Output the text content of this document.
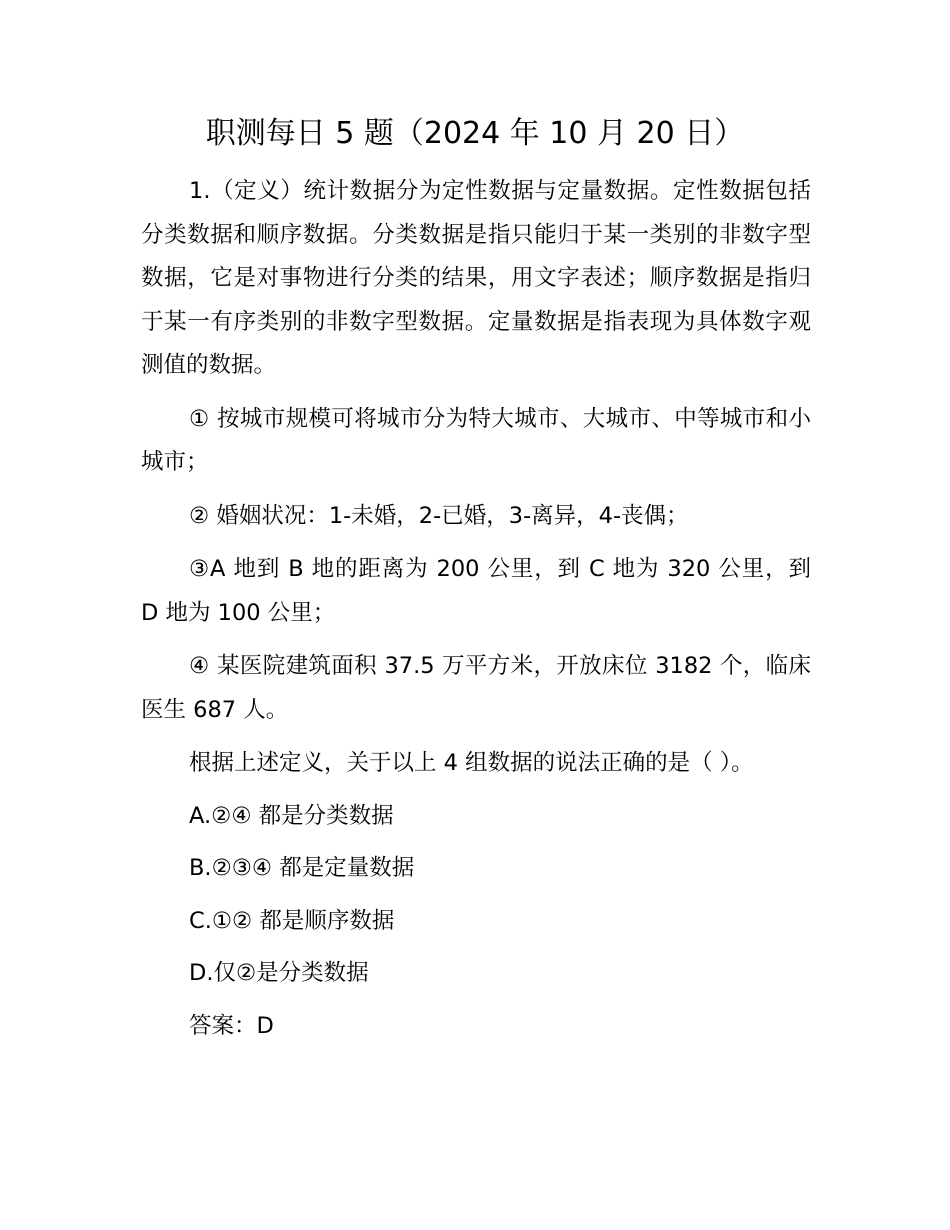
职测每日 5 题（2024 年 10 月 20 日）

1.（定义）统计数据分为定性数据与定量数据。定性数据包括分类数据和顺序数据。分类数据是指只能归于某一类别的非数字型数据，它是对事物进行分类的结果，用文字表述；顺序数据是指归于某一有序类别的非数字型数据。定量数据是指表现为具体数字观测值的数据。

① 按城市规模可将城市分为特大城市、大城市、中等城市和小城市；

② 婚姻状况：1-未婚，2-已婚，3-离异，4-丧偶；

③A 地到 B 地的距离为 200 公里，到 C 地为 320 公里，到 D 地为 100 公里；

④ 某医院建筑面积 37.5 万平方米，开放床位 3182 个，临床医生 687 人。

根据上述定义，关于以上 4 组数据的说法正确的是（ ）。

A.②④ 都是分类数据

B.②③④ 都是定量数据

C.①② 都是顺序数据

D.仅②是分类数据

答案：D
